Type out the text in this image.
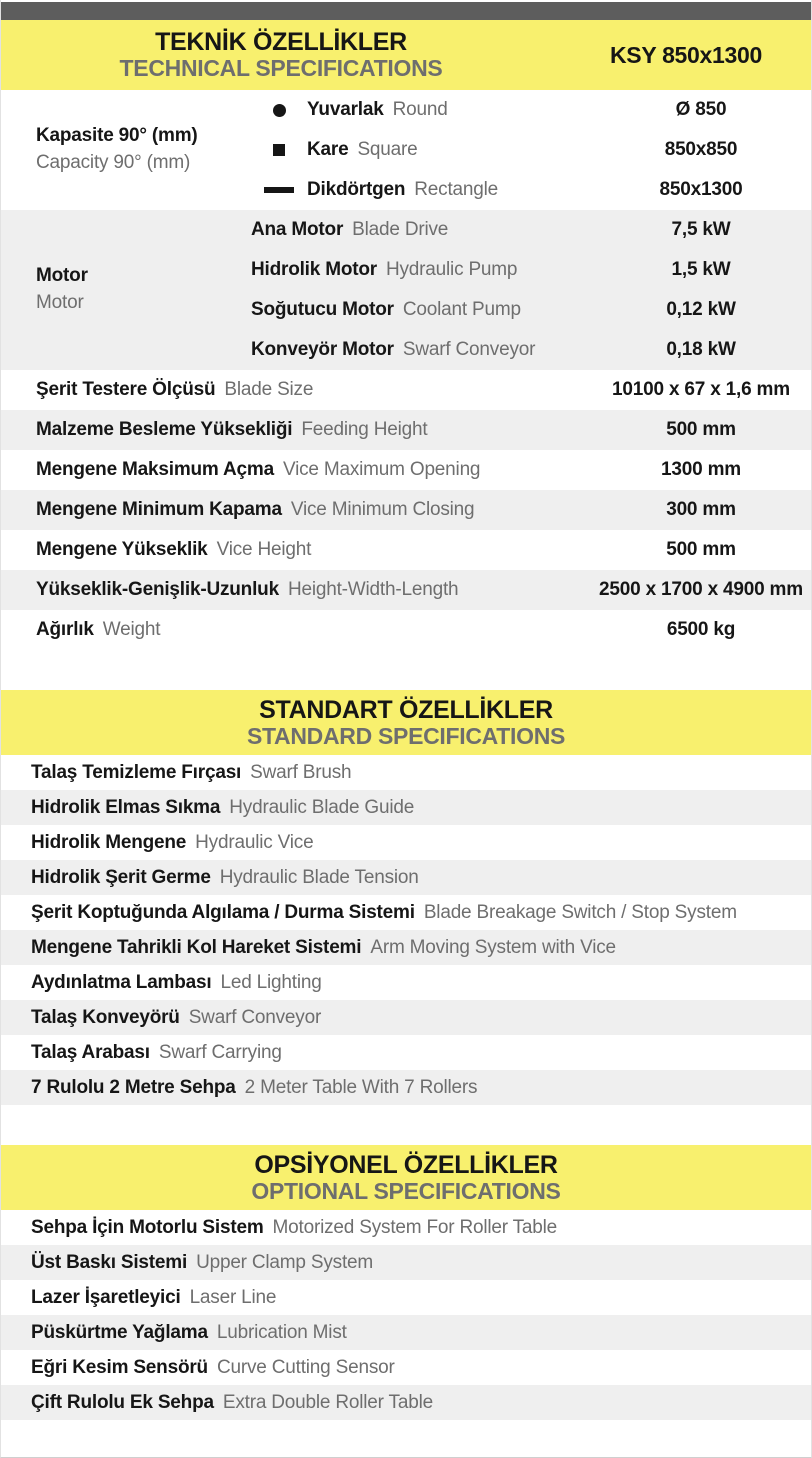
TEKNİK ÖZELLİKLER
TECHNICAL SPECIFICATIONS
KSY 850x1300
Kapasite 90° (mm)
Capacity 90° (mm)
Yuvarlak Round	Ø 850
Kare Square	850x850
Dikdörtgen Rectangle	850x1300
Motor
Motor
Ana Motor Blade Drive	7,5 kW
Hidrolik Motor Hydraulic Pump	1,5 kW
Soğutucu Motor Coolant Pump	0,12 kW
Konveyör Motor Swarf Conveyor	0,18 kW
Şerit Testere Ölçüsü Blade Size	10100 x 67 x 1,6 mm
Malzeme Besleme Yüksekliği Feeding Height	500 mm
Mengene Maksimum Açma Vice Maximum Opening	1300 mm
Mengene Minimum Kapama Vice Minimum Closing	300 mm
Mengene Yükseklik Vice Height	500 mm
Yükseklik-Genişlik-Uzunluk Height-Width-Length	2500 x 1700 x 4900 mm
Ağırlık Weight	6500 kg
STANDART ÖZELLİKLER
STANDARD SPECIFICATIONS
Talaş Temizleme Fırçası Swarf Brush
Hidrolik Elmas Sıkma Hydraulic Blade Guide
Hidrolik Mengene Hydraulic Vice
Hidrolik Şerit Germe Hydraulic Blade Tension
Şerit Koptuğunda Algılama / Durma Sistemi Blade Breakage Switch / Stop System
Mengene Tahrikli Kol Hareket Sistemi Arm Moving System with Vice
Aydınlatma Lambası Led Lighting
Talaş Konveyörü Swarf Conveyor
Talaş Arabası Swarf Carrying
7 Rulolu 2 Metre Sehpa 2 Meter Table With 7 Rollers
OPSİYONEL ÖZELLİKLER
OPTIONAL SPECIFICATIONS
Sehpa İçin Motorlu Sistem Motorized System For Roller Table
Üst Baskı Sistemi Upper Clamp System
Lazer İşaretleyici Laser Line
Püskürtme Yağlama Lubrication Mist
Eğri Kesim Sensörü Curve Cutting Sensor
Çift Rulolu Ek Sehpa Extra Double Roller Table
